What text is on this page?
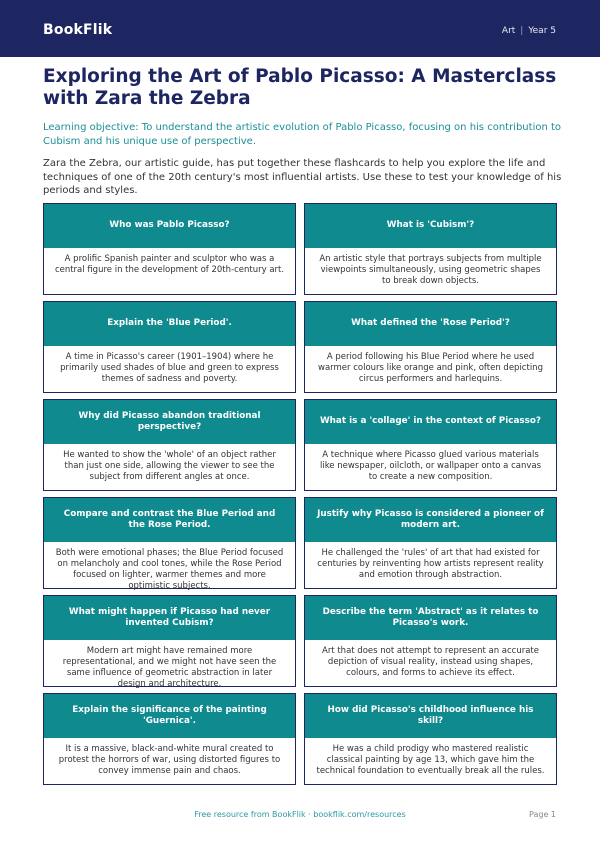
BookFlik	Art | Year 5
Exploring the Art of Pablo Picasso: A Masterclass with Zara the Zebra

Learning objective: To understand the artistic evolution of Pablo Picasso, focusing on his contribution to Cubism and his unique use of perspective.

Zara the Zebra, our artistic guide, has put together these flashcards to help you explore the life and techniques of one of the 20th century's most influential artists. Use these to test your knowledge of his periods and styles.

Who was Pablo Picasso?
A prolific Spanish painter and sculptor who was a central figure in the development of 20th-century art.
What is 'Cubism'?
An artistic style that portrays subjects from multiple viewpoints simultaneously, using geometric shapes to break down objects.
Explain the 'Blue Period'.
A time in Picasso's career (1901–1904) where he primarily used shades of blue and green to express themes of sadness and poverty.
What defined the 'Rose Period'?
A period following his Blue Period where he used warmer colours like orange and pink, often depicting circus performers and harlequins.
Why did Picasso abandon traditional perspective?
He wanted to show the 'whole' of an object rather than just one side, allowing the viewer to see the subject from different angles at once.
What is a 'collage' in the context of Picasso?
A technique where Picasso glued various materials like newspaper, oilcloth, or wallpaper onto a canvas to create a new composition.
Compare and contrast the Blue Period and the Rose Period.
Both were emotional phases; the Blue Period focused on melancholy and cool tones, while the Rose Period focused on lighter, warmer themes and more optimistic subjects.
Justify why Picasso is considered a pioneer of modern art.
He challenged the 'rules' of art that had existed for centuries by reinventing how artists represent reality and emotion through abstraction.
What might happen if Picasso had never invented Cubism?
Modern art might have remained more representational, and we might not have seen the same influence of geometric abstraction in later design and architecture.
Describe the term 'Abstract' as it relates to Picasso's work.
Art that does not attempt to represent an accurate depiction of visual reality, instead using shapes, colours, and forms to achieve its effect.
Explain the significance of the painting 'Guernica'.
It is a massive, black-and-white mural created to protest the horrors of war, using distorted figures to convey immense pain and chaos.
How did Picasso's childhood influence his skill?
He was a child prodigy who mastered realistic classical painting by age 13, which gave him the technical foundation to eventually break all the rules.
Free resource from BookFlik · bookflik.com/resources	Page 1
